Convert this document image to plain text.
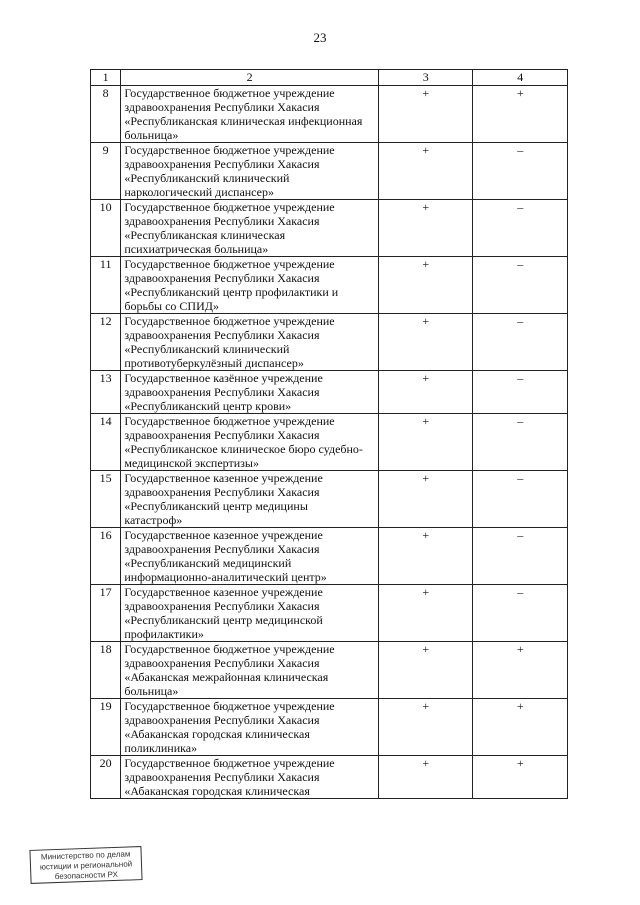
23
1	2	3	4
8	Государственное бюджетное учреждение
здравоохранения Республики Хакасия
«Республиканская клиническая инфекционная
больница»	+	+
9	Государственное бюджетное учреждение
здравоохранения Республики Хакасия
«Республиканский клинический
наркологический диспансер»	+	–
10	Государственное бюджетное учреждение
здравоохранения Республики Хакасия
«Республиканская клиническая
психиатрическая больница»	+	–
11	Государственное бюджетное учреждение
здравоохранения Республики Хакасия
«Республиканский центр профилактики и
борьбы со СПИД»	+	–
12	Государственное бюджетное учреждение
здравоохранения Республики Хакасия
«Республиканский клинический
противотуберкулёзный диспансер»	+	–
13	Государственное казённое учреждение
здравоохранения Республики Хакасия
«Республиканский центр крови»	+	–
14	Государственное бюджетное учреждение
здравоохранения Республики Хакасия
«Республиканское клиническое бюро судебно-
медицинской экспертизы»	+	–
15	Государственное казенное учреждение
здравоохранения Республики Хакасия
«Республиканский центр медицины
катастроф»	+	–
16	Государственное казенное учреждение
здравоохранения Республики Хакасия
«Республиканский медицинский
информационно-аналитический центр»	+	–
17	Государственное казенное учреждение
здравоохранения Республики Хакасия
«Республиканский центр медицинской
профилактики»	+	–
18	Государственное бюджетное учреждение
здравоохранения Республики Хакасия
«Абаканская межрайонная клиническая
больница»	+	+
19	Государственное бюджетное учреждение
здравоохранения Республики Хакасия
«Абаканская городская клиническая
поликлиника»	+	+
20	Государственное бюджетное учреждение
здравоохранения Республики Хакасия
«Абаканская городская клиническая	+	+
Министерство по делам
юстиции и региональной
безопасности РХ
